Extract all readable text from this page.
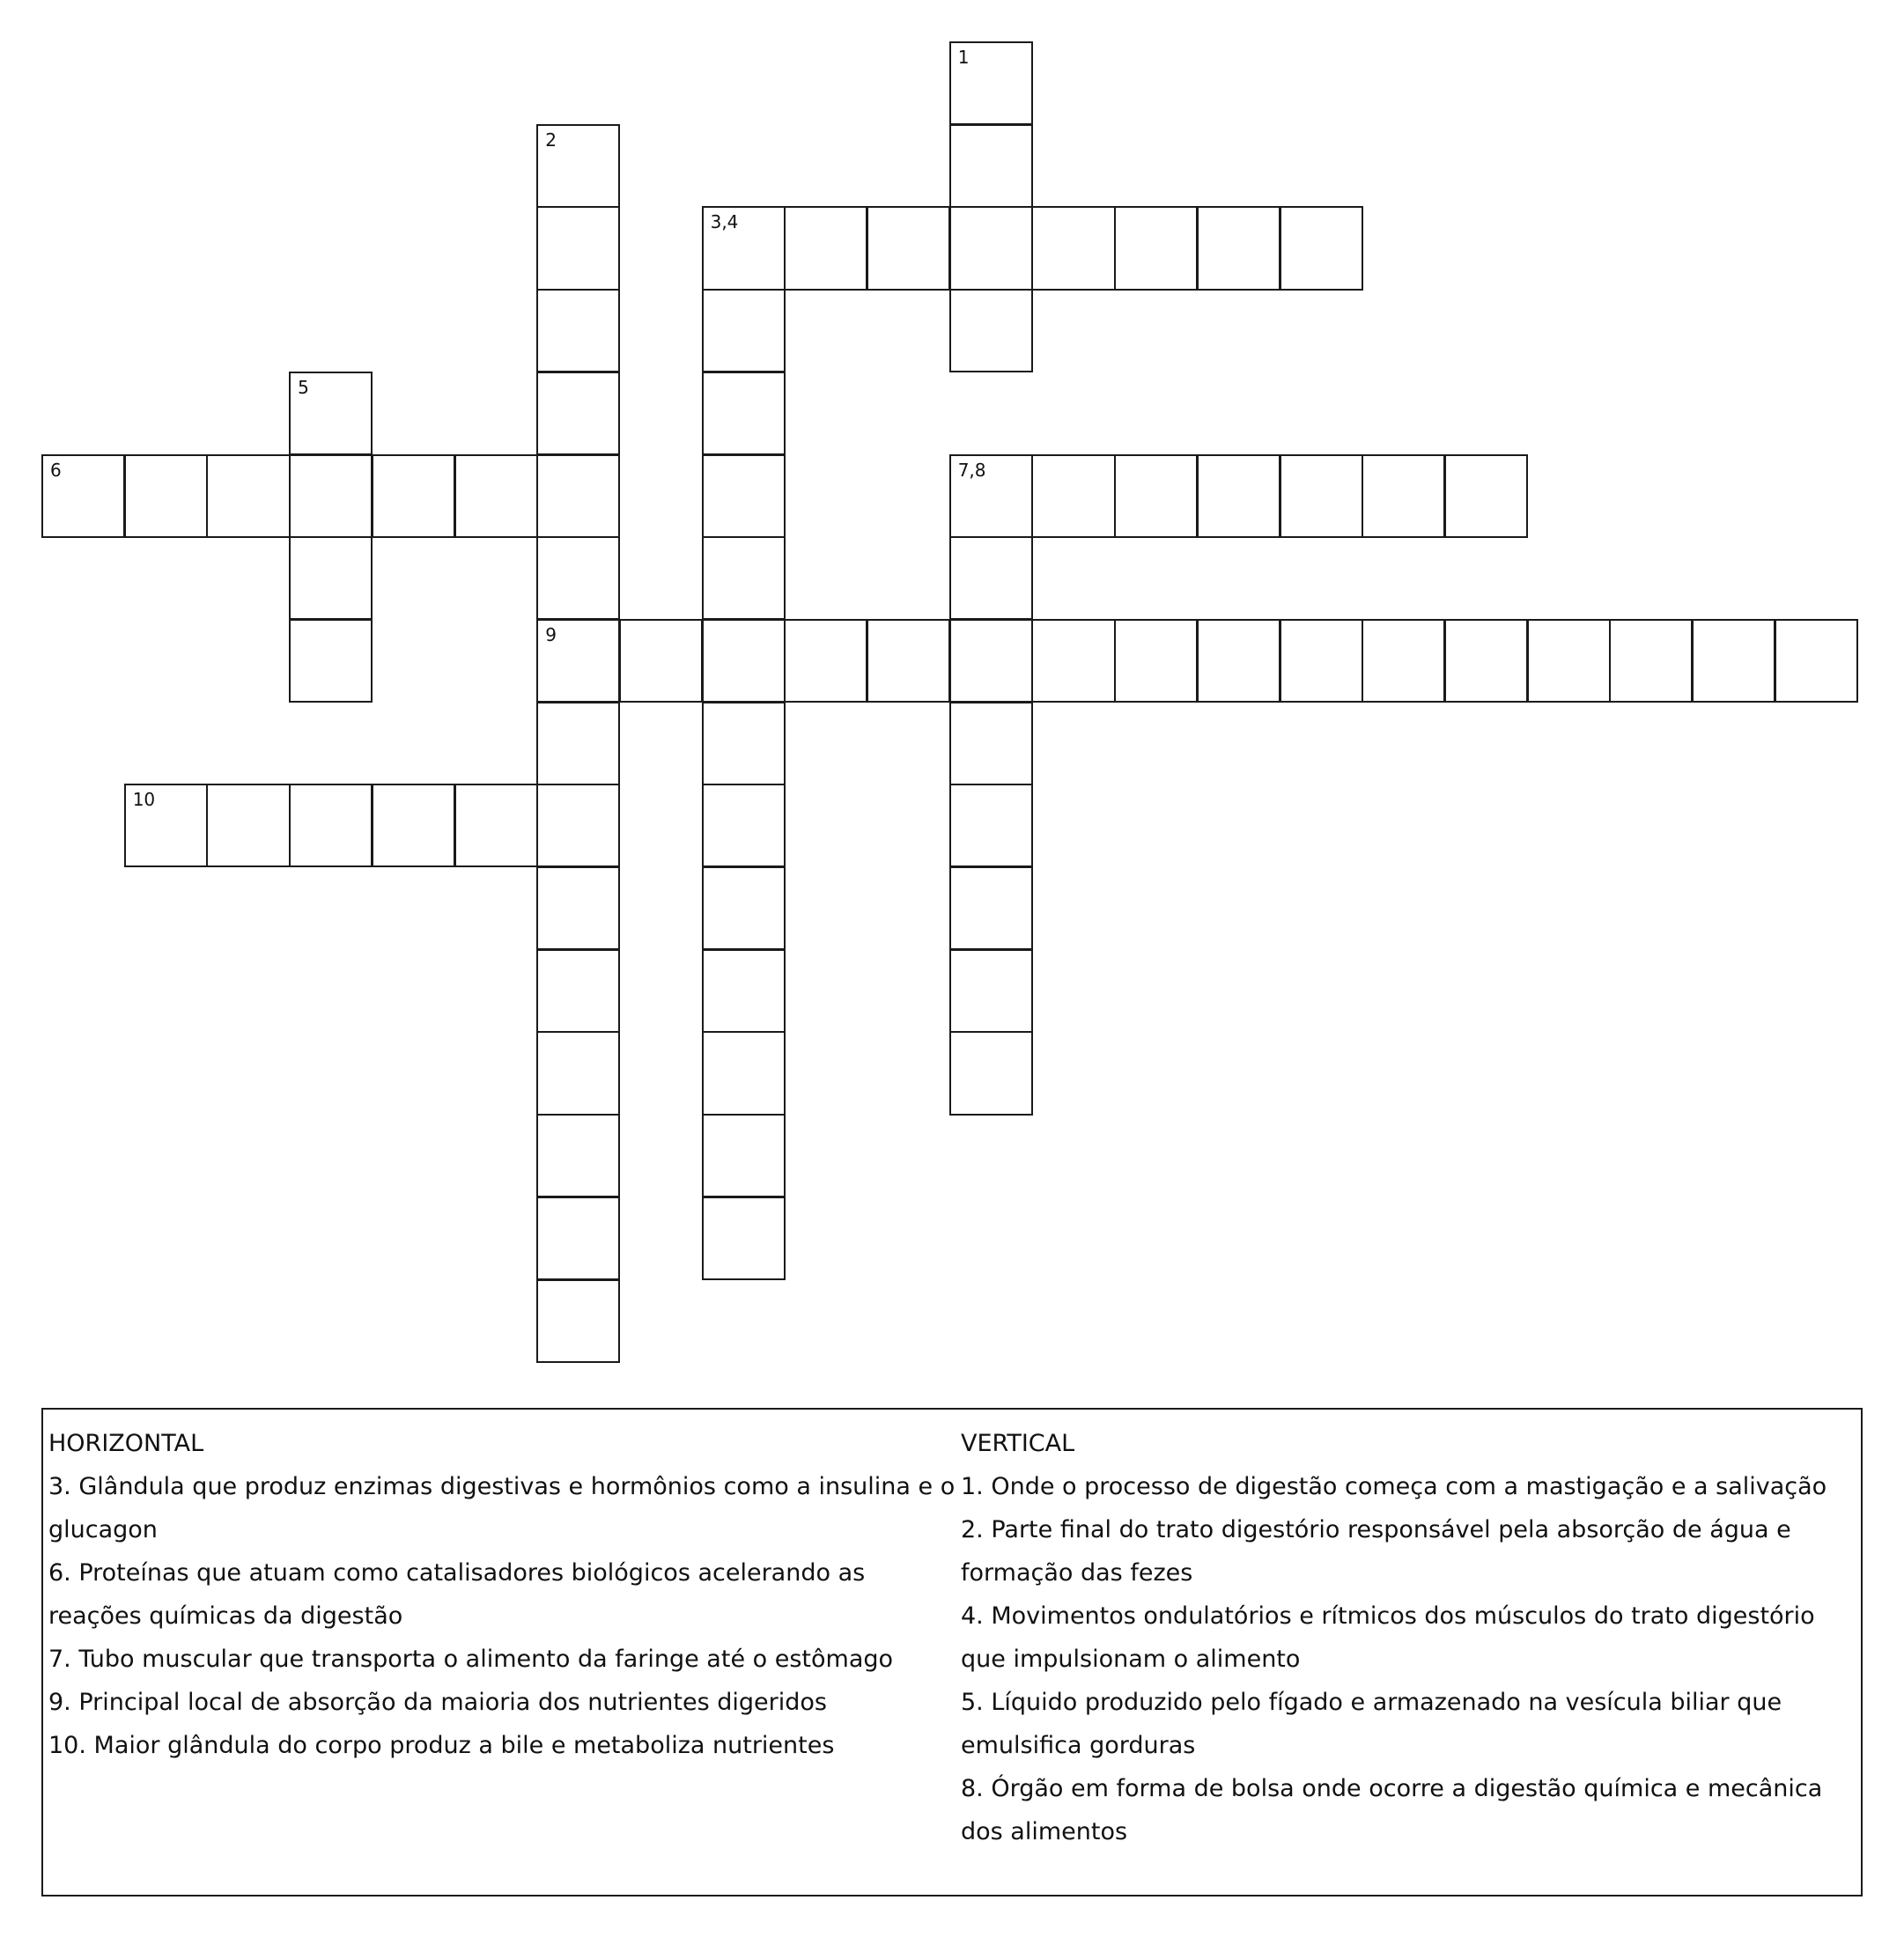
1
2
9
3,4
5
6	7,8
10
HORIZONTAL
3. Glândula que produz enzimas digestivas e hormônios como a insulina e o glucagon
6. Proteínas que atuam como catalisadores biológicos acelerando as reações químicas da digestão
7. Tubo muscular que transporta o alimento da faringe até o estômago
9. Principal local de absorção da maioria dos nutrientes digeridos
10. Maior glândula do corpo produz a bile e metaboliza nutrientes
VERTICAL
1. Onde o processo de digestão começa com a mastigação e a salivação
2. Parte final do trato digestório responsável pela absorção de água e formação das fezes
4. Movimentos ondulatórios e rítmicos dos músculos do trato digestório que impulsionam o alimento
5. Líquido produzido pelo fígado e armazenado na vesícula biliar que emulsifica gorduras
8. Órgão em forma de bolsa onde ocorre a digestão química e mecânica dos alimentos
